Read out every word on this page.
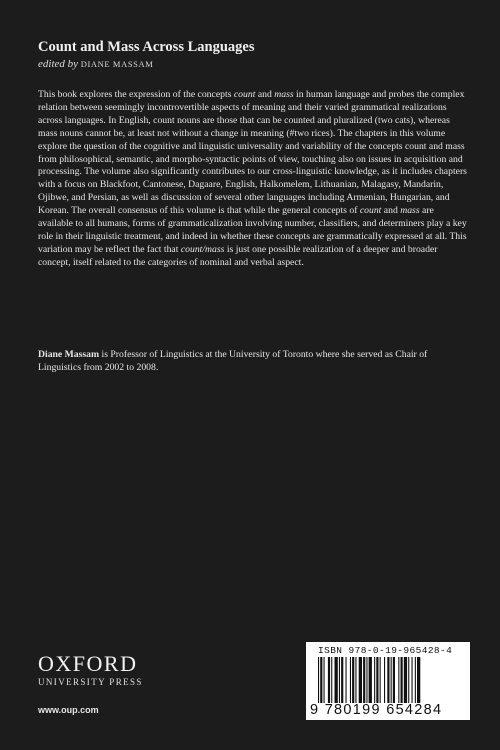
Count and Mass Across Languages
edited by DIANE MASSAM

This book explores the expression of the concepts count and mass in human language and probes the complex relation between seemingly incontrovertible aspects of meaning and their varied grammatical realizations across languages. In English, count nouns are those that can be counted and pluralized (two cats), whereas mass nouns cannot be, at least not without a change in meaning (#two rices). The chapters in this volume explore the question of the cognitive and linguistic universality and variability of the concepts count and mass from philosophical, semantic, and morpho-syntactic points of view, touching also on issues in acquisition and processing. The volume also significantly contributes to our cross-linguistic knowledge, as it includes chapters with a focus on Blackfoot, Cantonese, Dagaare, English, Halkomelem, Lithuanian, Malagasy, Mandarin, Ojibwe, and Persian, as well as discussion of several other languages including Armenian, Hungarian, and Korean. The overall consensus of this volume is that while the general concepts of count and mass are available to all humans, forms of grammaticalization involving number, classifiers, and determiners play a key role in their linguistic treatment, and indeed in whether these concepts are grammatically expressed at all. This variation may be reflect the fact that count/mass is just one possible realization of a deeper and broader concept, itself related to the categories of nominal and verbal aspect.

Diane Massam is Professor of Linguistics at the University of Toronto where she served as Chair of Linguistics from 2002 to 2008.
OXFORD
UNIVERSITY PRESS
www.oup.com
ISBN 978-0-19-965428-4
9 780199 654284
